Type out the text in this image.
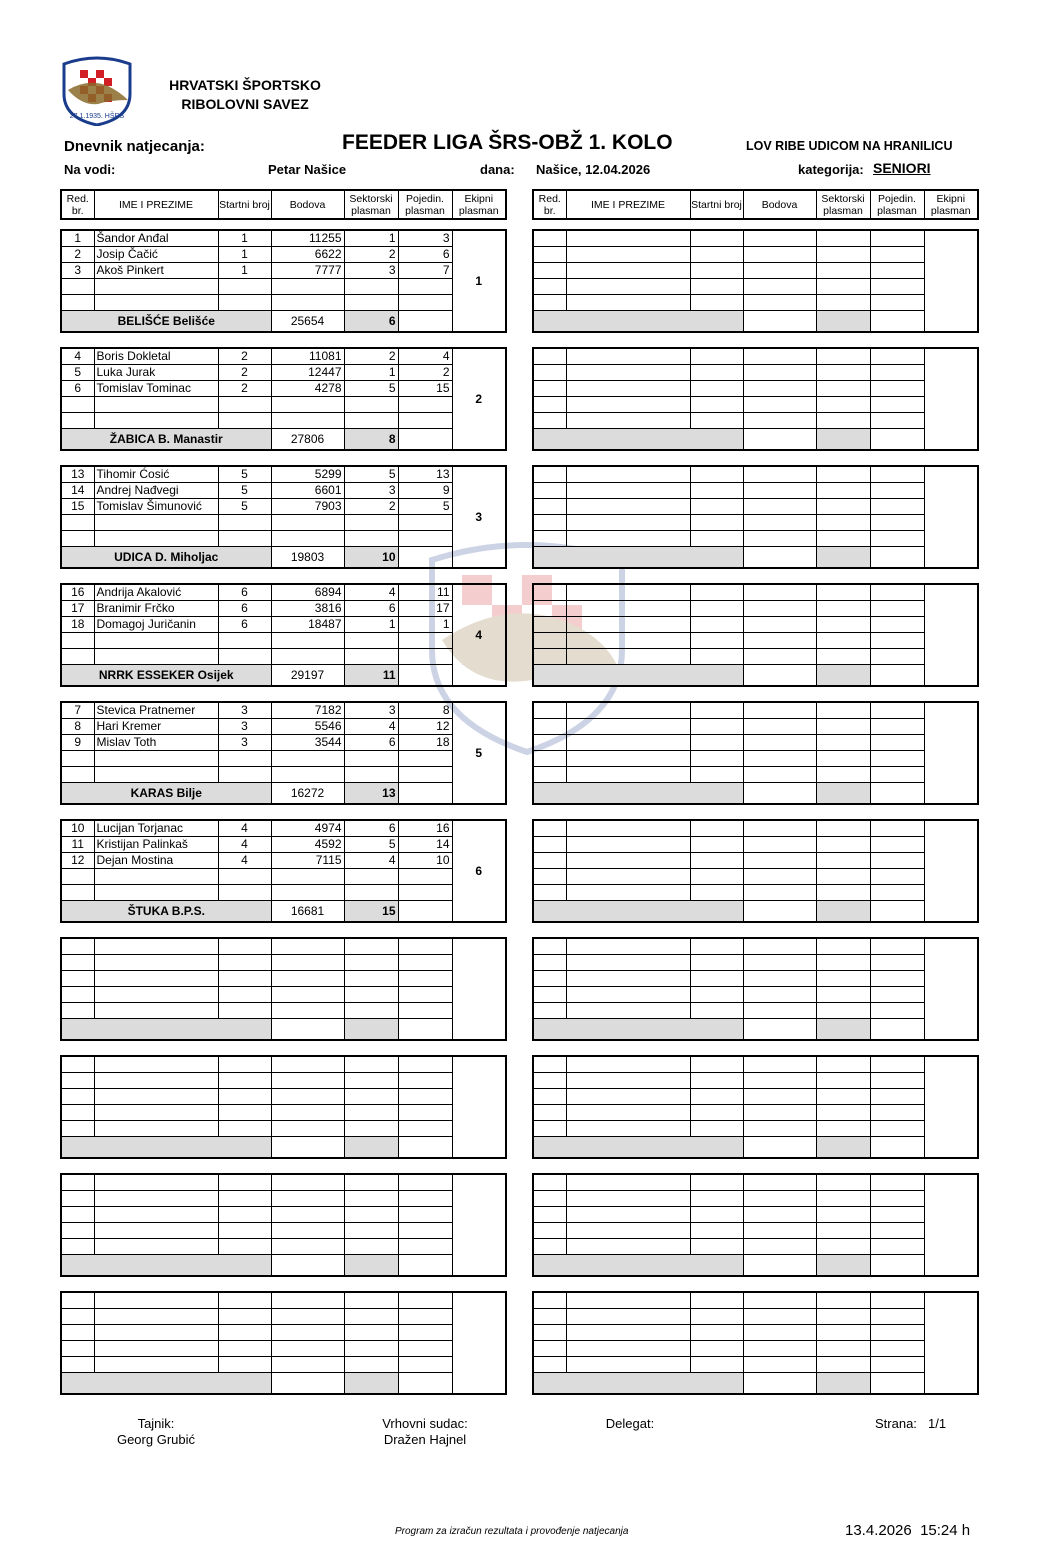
27.1.1935. HŠRS
HRVATSKI ŠPORTSKO
RIBOLOVNI SAVEZ
Dnevnik natjecanja:	FEEDER LIGA ŠRS-OBŽ 1. KOLO	LOV RIBE UDICOM NA HRANILICU
Na vodi:	Petar Našice	dana: Našice, 12.04.2026	kategorija: SENIORI
Red. br.	IME I PREZIME	Startni broj	Bodova	Sektorski plasman	Pojedin. plasman	Ekipni plasman
Red. br.	IME I PREZIME	Startni broj	Bodova	Sektorski plasman	Pojedin. plasman	Ekipni plasman
1	Šandor Anđal	1	11255	1	3	1
2	Josip Čačić	1	6622	2	6	
3	Akoš Pinkert	1	7777	3	7	

BELIŠĆE Belišće			25654	6		

4	Boris Dokletal	2	11081	2	4	2
5	Luka Jurak	2	12447	1	2	
6	Tomislav Tominac	2	4278	5	15	

ŽABICA B. Manastir			27806	8		

13	Tihomir Ćosić	5	5299	5	13	3
14	Andrej Nađvegi	5	6601	3	9	
15	Tomislav Šimunović	5	7903	2	5	

UDICA D. Miholjac			19803	10		

16	Andrija Akalović	6	6894	4	11	4
17	Branimir Frčko	6	3816	6	17	
18	Domagoj Juričanin	6	18487	1	1	

NRRK ESSEKER Osijek			29197	11		

7	Stevica Pratnemer	3	7182	3	8	5
8	Hari Kremer	3	5546	4	12	
9	Mislav Toth	3	3544	6	18	

KARAS Bilje			16272	13		

10	Lucijan Torjanac	4	4974	6	16	6
11	Kristijan Palinkaš	4	4592	5	14	
12	Dejan Mostina	4	7115	4	10	

ŠTUKA B.P.S.			16681	15		

Tajnik:
Georg Grubić
Vrhovni sudac:
Dražen Hajnel
Delegat:	Strana: 1/1
Program za izračun rezultata i provođenje natjecanja	13.4.2026  15:24 h
